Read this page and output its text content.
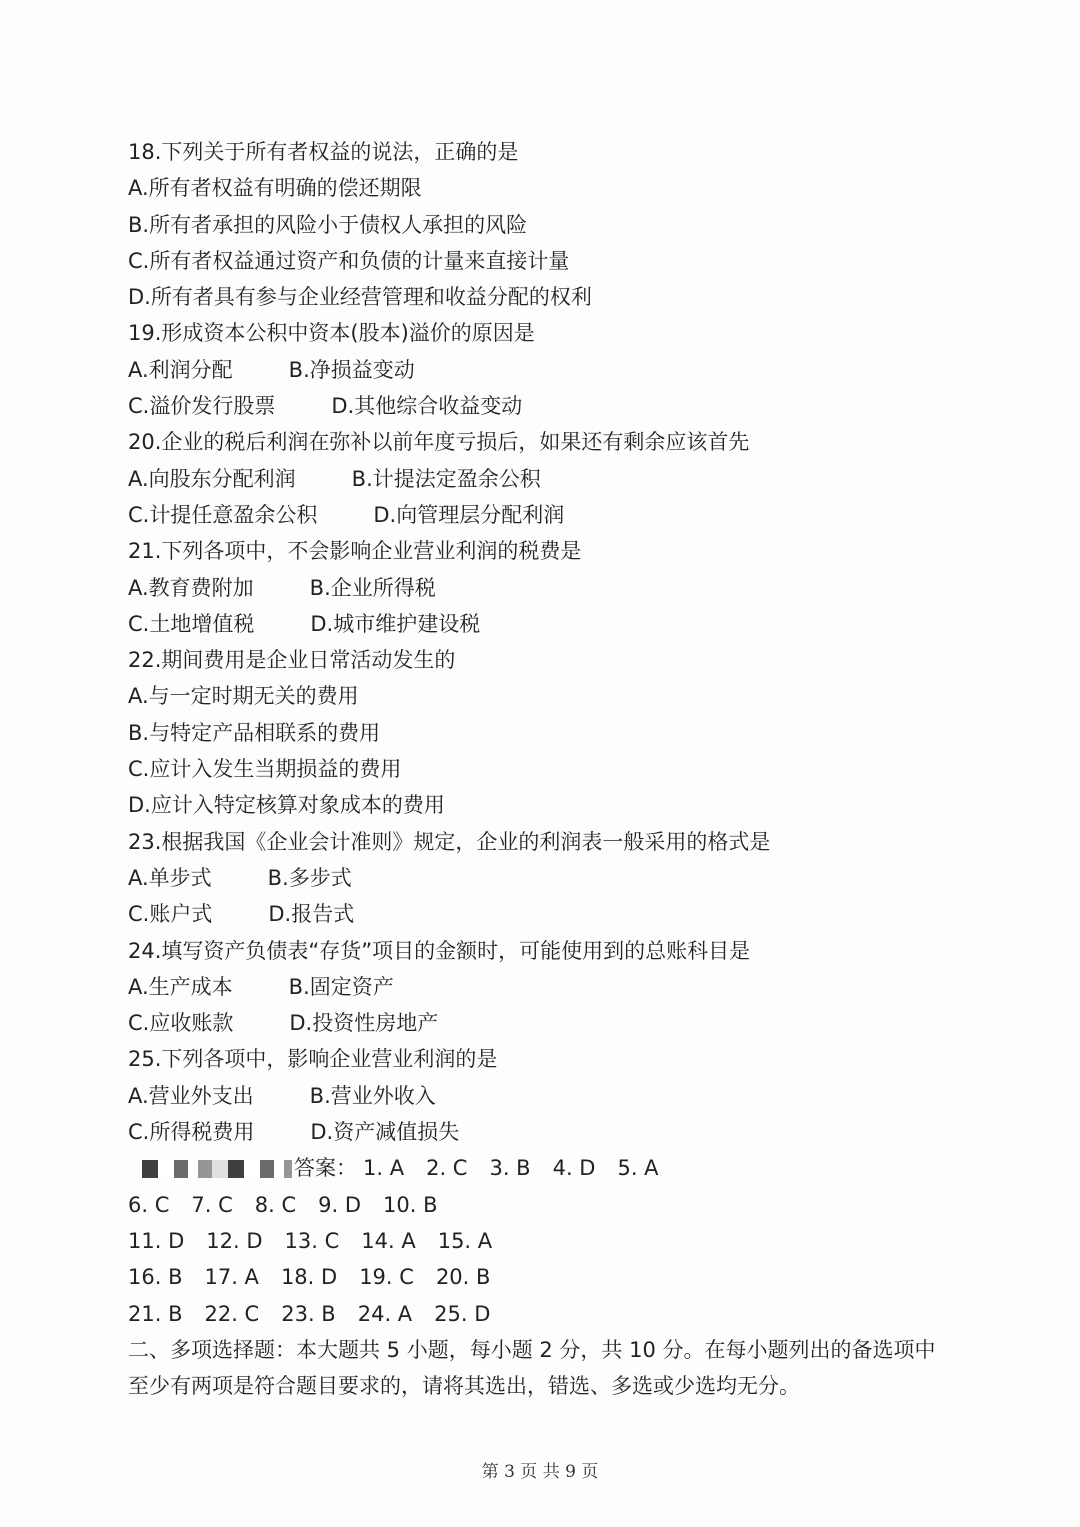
18.下列关于所有者权益的说法，正确的是
A.所有者权益有明确的偿还期限
B.所有者承担的风险小于债权人承担的风险
C.所有者权益通过资产和负债的计量来直接计量
D.所有者具有参与企业经营管理和收益分配的权利
19.形成资本公积中资本(股本)溢价的原因是
A.利润分配	B.净损益变动
C.溢价发行股票	D.其他综合收益变动
20.企业的税后利润在弥补以前年度亏损后，如果还有剩余应该首先
A.向股东分配利润	B.计提法定盈余公积
C.计提任意盈余公积	D.向管理层分配利润
21.下列各项中，不会影响企业营业利润的税费是
A.教育费附加	B.企业所得税
C.土地增值税	D.城市维护建设税
22.期间费用是企业日常活动发生的
A.与一定时期无关的费用
B.与特定产品相联系的费用
C.应计入发生当期损益的费用
D.应计入特定核算对象成本的费用
23.根据我国《企业会计准则》规定，企业的利润表一般采用的格式是
A.单步式	B.多步式
C.账户式	D.报告式
24.填写资产负债表“存货”项目的金额时，可能使用到的总账科目是
A.生产成本	B.固定资产
C.应收账款	D.投资性房地产
25.下列各项中，影响企业营业利润的是
A.营业外支出	B.营业外收入
C.所得税费用	D.资产减值损失
答案： 1. A 2. C 3. B 4. D 5. A
6. C 7. C 8. C 9. D 10. B
11. D 12. D 13. C 14. A 15. A
16. B 17. A 18. D 19. C 20. B
21. B 22. C 23. B 24. A 25. D
二、多项选择题：本大题共 5 小题，每小题 2 分，共 10 分。在每小题列出的备选项中
至少有两项是符合题目要求的，请将其选出，错选、多选或少选均无分。
第 3 页 共 9 页
